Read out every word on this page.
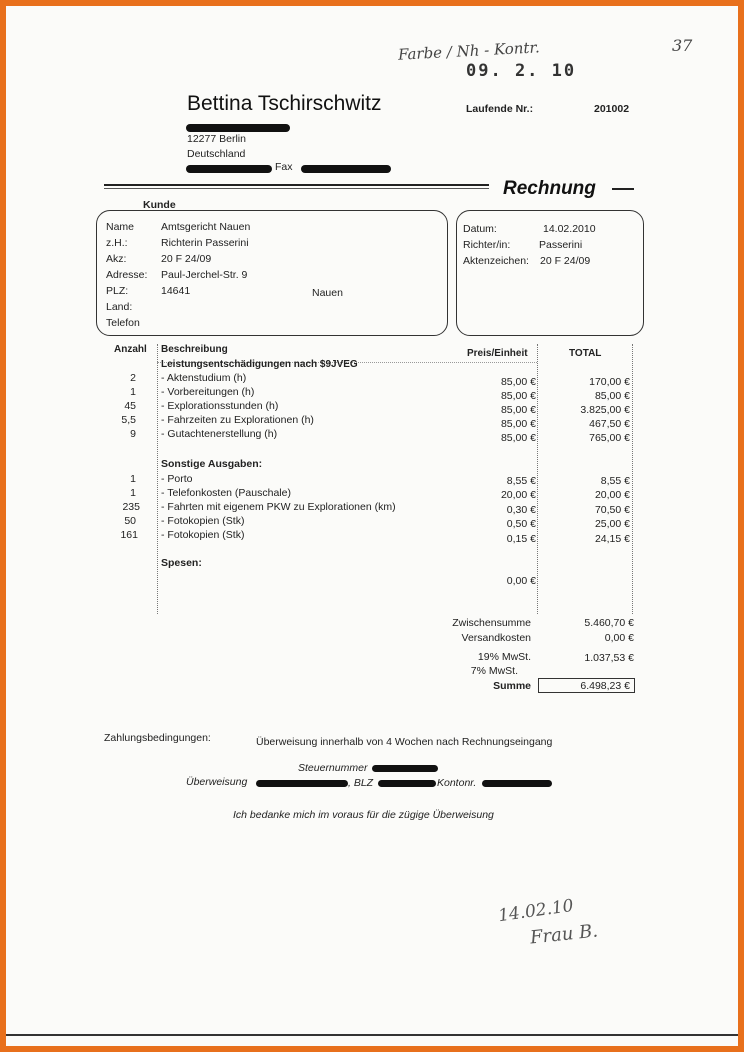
Farbe / Nh - Kontr.
09. 2. 10
37
Bettina Tschirschwitz
12277 Berlin
Deutschland
Fax
Laufende Nr.:	201002
Rechnung
Kunde
Name	Amtsgericht Nauen
z.H.:	Richterin Passerini
Akz:	20 F 24/09
Adresse: Paul-Jerchel-Str. 9
PLZ:	14641	Nauen
Land:
Telefon
Datum:	14.02.2010
Richter/in:	Passerini
Aktenzeichen: 20 F 24/09
Anzahl Beschreibung	Preis/Einheit	TOTAL
Leistungsentschädigungen nach $9JVEG
2 - Aktenstudium (h)	85,00 €	170,00 €
1 - Vorbereitungen (h)	85,00 €	85,00 €
45 - Explorationsstunden (h)	85,00 €	3.825,00 €
5,5 - Fahrzeiten zu Explorationen (h)	85,00 €	467,50 €
9 - Gutachtenerstellung (h)	85,00 €	765,00 €
Sonstige Ausgaben:
1 - Porto	8,55 €	8,55 €
1 - Telefonkosten (Pauschale)	20,00 €	20,00 €
235 - Fahrten mit eigenem PKW zu Explorationen (km)	0,30 €	70,50 €
50 - Fotokopien (Stk)	0,50 €	25,00 €
161 - Fotokopien (Stk)	0,15 €	24,15 €
Spesen:
0,00 €
Zwischensumme	5.460,70 €
Versandkosten	0,00 €
19% MwSt.	1.037,53 €
7% MwSt.
Summe	6.498,23 €
Zahlungsbedingungen:	Überweisung innerhalb von 4 Wochen nach Rechnungseingang
Steuernummer
Überweisung	, BLZ	Kontonr.
Ich bedanke mich im voraus für die zügige Überweisung
14.02.10
Frau B.
